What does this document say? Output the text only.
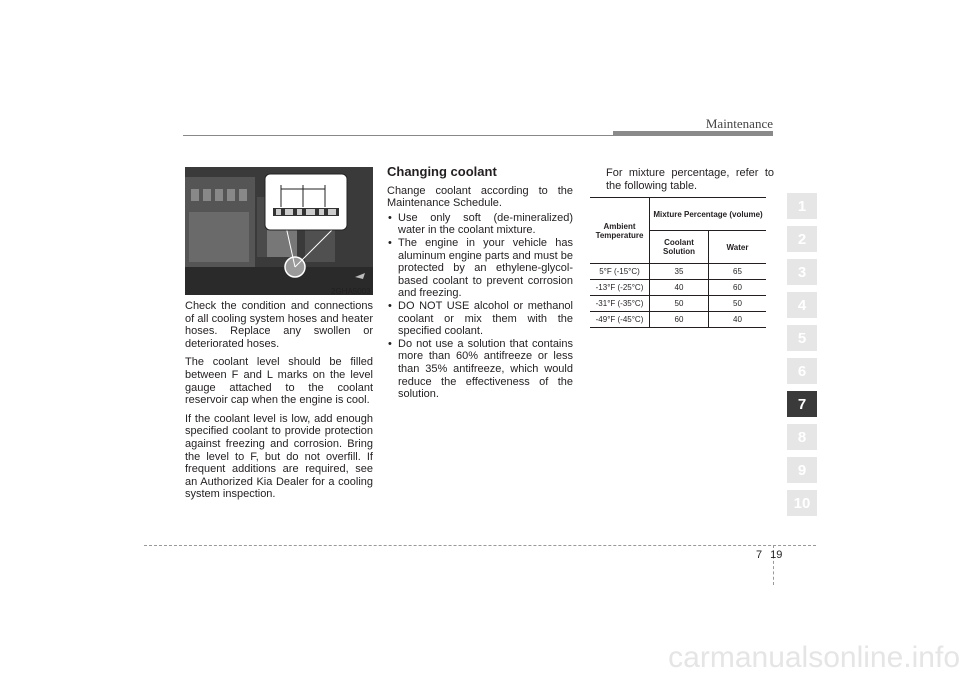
Maintenance
1
2
3
4
5
6
7
8
9
10
2GHA5003

Check the condition and connections of all cooling system hoses and heater hoses. Replace any swollen or deteriorated hoses.

The coolant level should be filled between F and L marks on the level gauge attached to the coolant reservoir cap when the engine is cool.

If the coolant level is low, add enough specified coolant to provide protection against freezing and corrosion. Bring the level to F, but do not overfill. If frequent additions are required, see an Authorized Kia Dealer for a cooling system inspection.

Changing coolant

Change coolant according to the Maintenance Schedule.

• Use only soft (de-mineralized) water in the coolant mixture.
• The engine in your vehicle has aluminum engine parts and must be protected by an ethylene-glycol-based coolant to prevent corrosion and freezing.
• DO NOT USE alcohol or methanol coolant or mix them with the specified coolant.
• Do not use a solution that contains more than 60% antifreeze or less than 35% antifreeze, which would reduce the effectiveness of the solution.

For mixture percentage, refer to the following table.

Ambient Temperature	Mixture Percentage (volume)	
	Coolant Solution	Water
5°F (-15°C)	35	65
-13°F (-25°C)	40	60
-31°F (-35°C)	50	50
-49°F (-45°C)	60	40
7 19
carmanualsonline.info
